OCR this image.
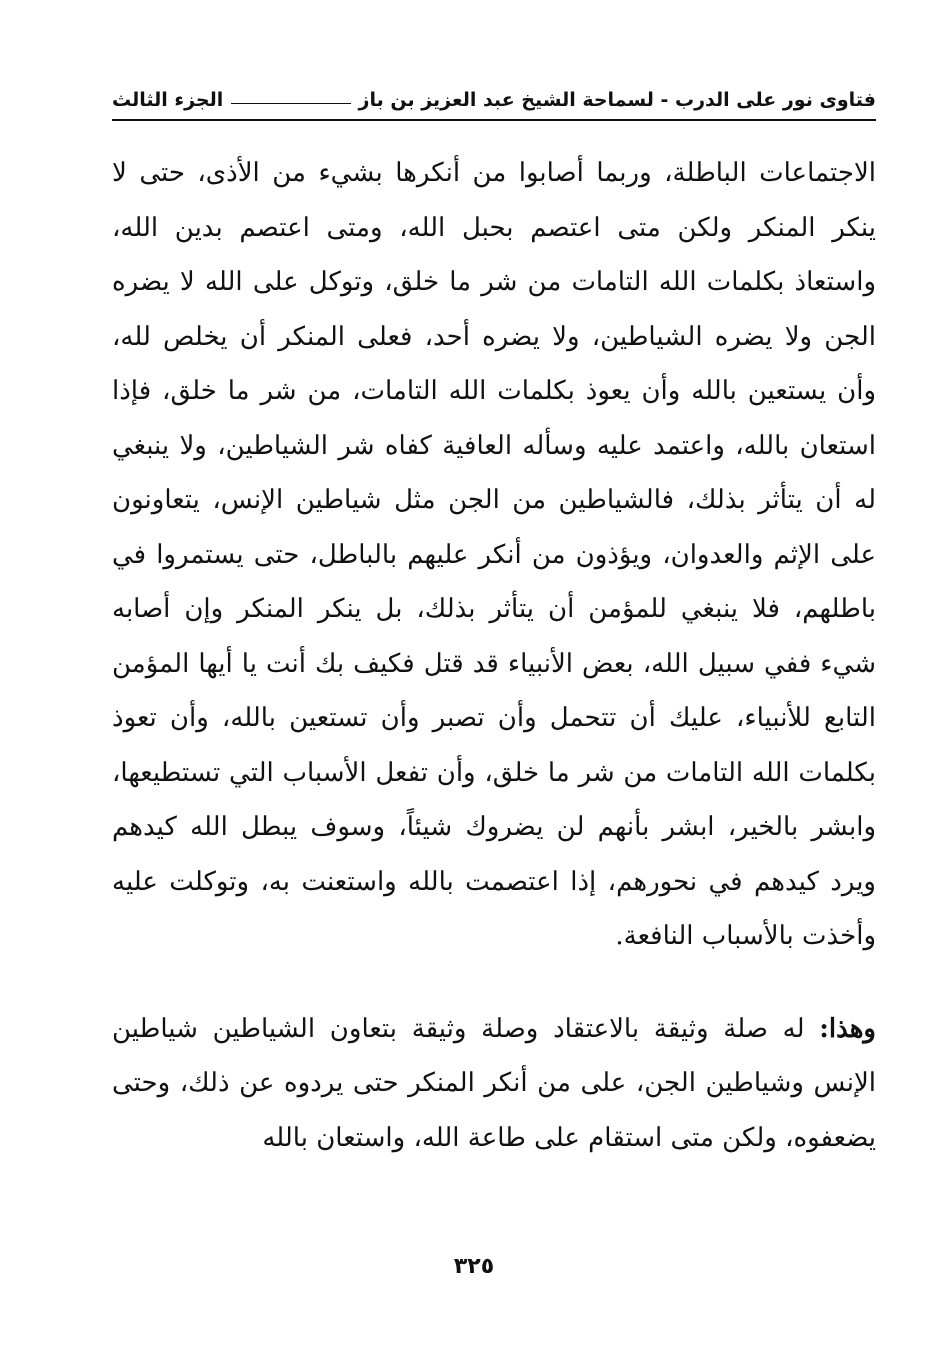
فتاوى نور على الدرب - لسماحة الشيخ عبد العزيز بن باز
الجزء الثالث

الاجتماعات الباطلة، وربما أصابوا من أنكرها بشيء من الأذى، حتى لا ينكر المنكر ولكن متى اعتصم بحبل الله، ومتى اعتصم بدين الله، واستعاذ بكلمات الله التامات من شر ما خلق، وتوكل على الله لا يضره الجن ولا يضره الشياطين، ولا يضره أحد، فعلى المنكر أن يخلص لله، وأن يستعين بالله وأن يعوذ بكلمات الله التامات، من شر ما خلق، فإذا استعان بالله، واعتمد عليه وسأله العافية كفاه شر الشياطين، ولا ينبغي له أن يتأثر بذلك، فالشياطين من الجن مثل شياطين الإنس، يتعاونون على الإثم والعدوان، ويؤذون من أنكر عليهم بالباطل، حتى يستمروا في باطلهم، فلا ينبغي للمؤمن أن يتأثر بذلك، بل ينكر المنكر وإن أصابه شيء ففي سبيل الله، بعض الأنبياء قد قتل فكيف بك أنت يا أيها المؤمن التابع للأنبياء، عليك أن تتحمل وأن تصبر وأن تستعين بالله، وأن تعوذ بكلمات الله التامات من شر ما خلق، وأن تفعل الأسباب التي تستطيعها، وابشر بالخير، ابشر بأنهم لن يضروك شيئاً، وسوف يبطل الله كيدهم ويرد كيدهم في نحورهم، إذا اعتصمت بالله واستعنت به، وتوكلت عليه وأخذت بالأسباب النافعة.

وهذا: له صلة وثيقة بالاعتقاد وصلة وثيقة بتعاون الشياطين شياطين الإنس وشياطين الجن، على من أنكر المنكر حتى يردوه عن ذلك، وحتى يضعفوه، ولكن متى استقام على طاعة الله، واستعان بالله

٣٢٥
